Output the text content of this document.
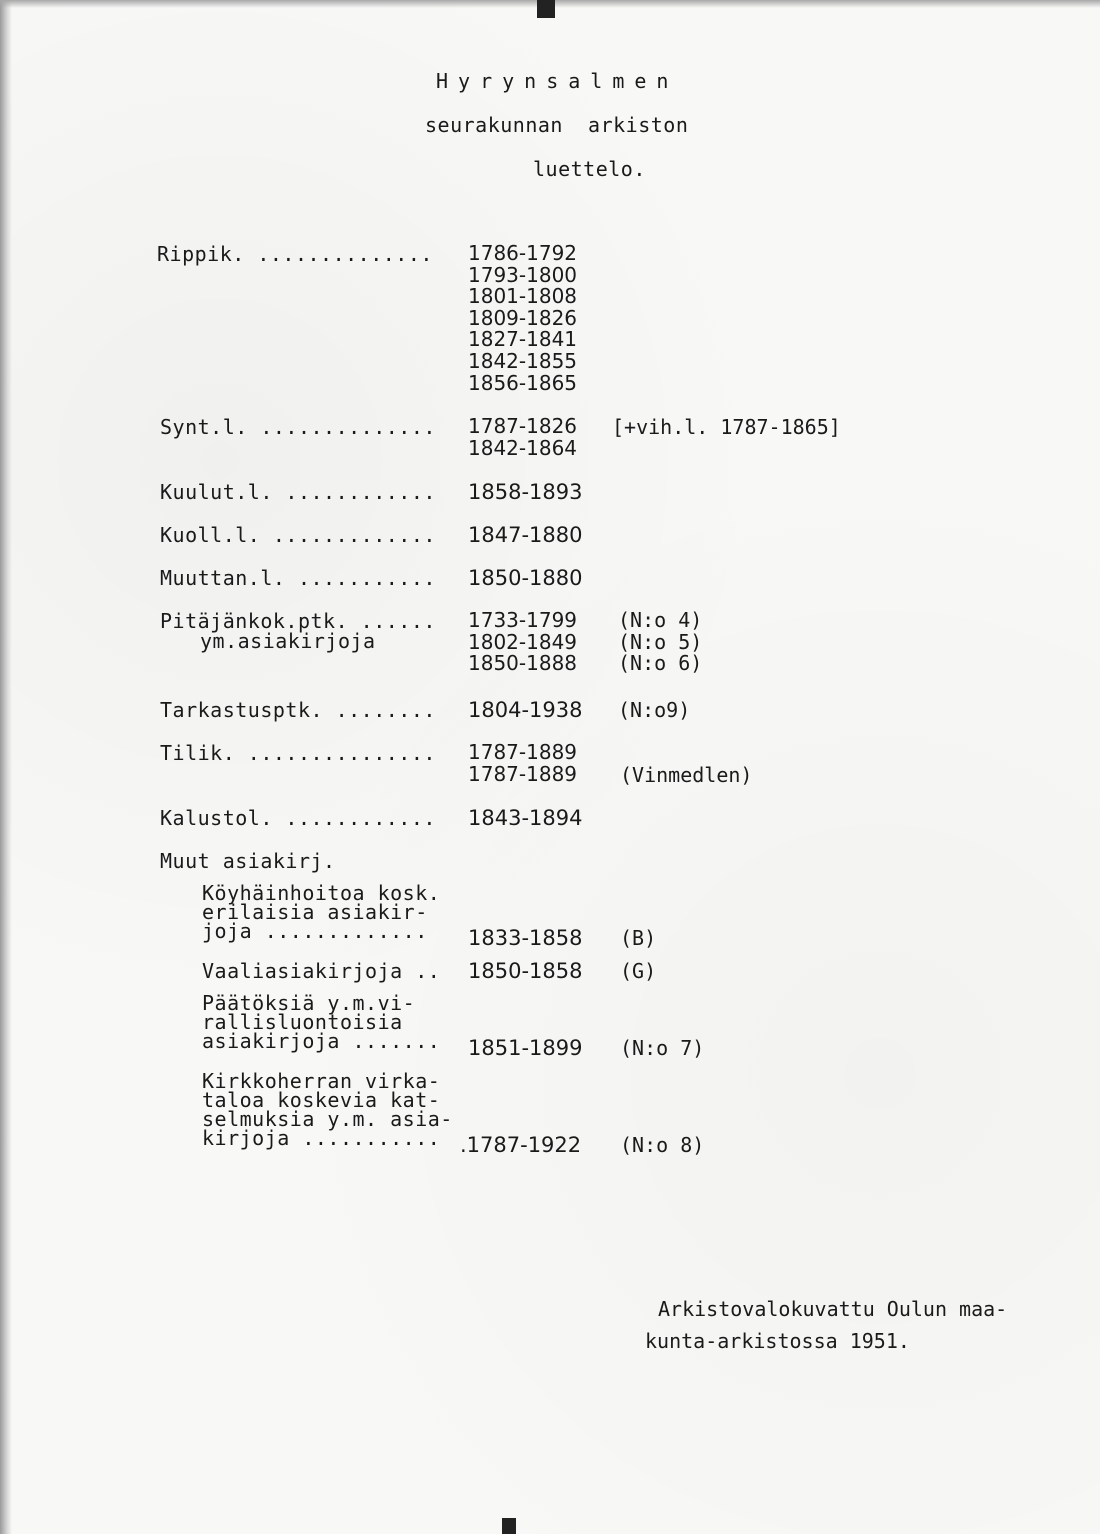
Hyrynsalmen
seurakunnan  arkiston
luettelo.
Rippik. .............. 1786-1792
1793-1800
1801-1808
1809-1826
1827-1841
1842-1855
1856-1865
Synt.l. .............. 1787-1826
1842-1864
[+vih.l. 1787-1865]
Kuulut.l. ............ 1858-1893
Kuoll.l. ............. 1847-1880
Muuttan.l. ........... 1850-1880
Pitäjänkok.ptk. ......
ym.asiakirjoja
1733-1799
1802-1849
1850-1888
(N:o 4)
(N:o 5)
(N:o 6)
Tarkastusptk. ........ 1804-1938 (N:o9)
Tilik. ............... 1787-1889
1787-1889 (Vinmedlen)
Kalustol. ............ 1843-1894
Muut asiakirj.
Köyhäinhoitoa kosk.
erilaisia asiakir-
joja .............	1833-1858 (B)
Vaaliasiakirjoja .. 1850-1858 (G)
Päätöksiä y.m.vi-
rallisluontoisia
asiakirjoja ....... 1851-1899 (N:o 7)
Kirkkoherran virka-
taloa koskevia kat-
selmuksia y.m. asia-
kirjoja ........... .1787-1922 (N:o 8)
Arkistovalokuvattu Oulun maa-
kunta-arkistossa 1951.
